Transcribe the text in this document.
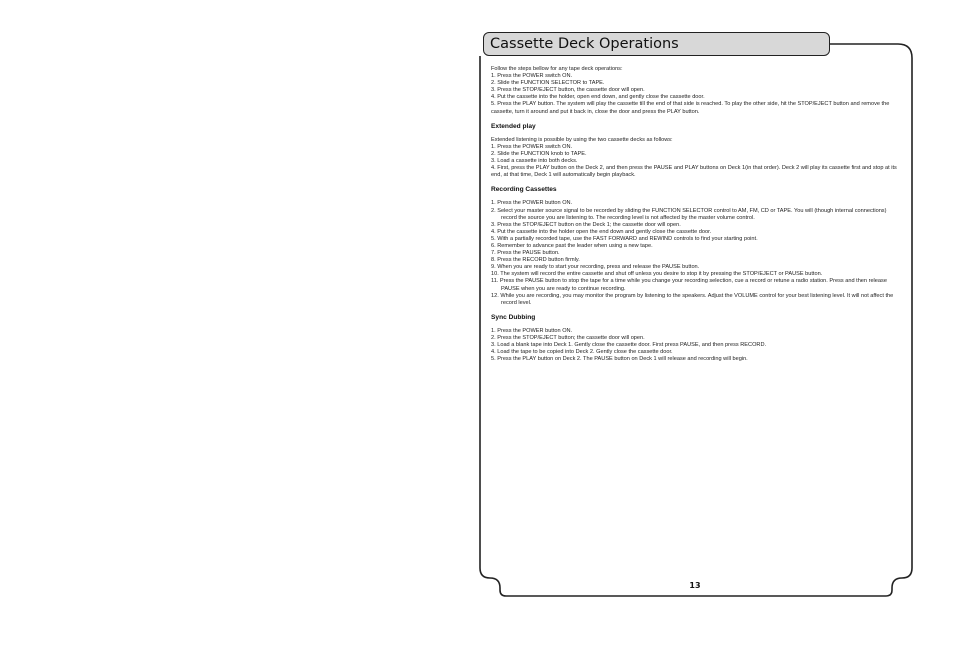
Cassette Deck Operations

Follow the steps bellow for any tape deck operations:

1. Press the POWER switch ON.
2. Slide the FUNCTION SELECTOR to TAPE.
3. Press the STOP/EJECT button, the cassette door will open.
4. Put the cassette into the holder, open end down, and gently close the cassette door.
5. Press the PLAY button. The system will play the cassette till the end of that side is reached. To play the other side, hit the STOP/EJECT button and remove the cassette, turn it around and put it back in, close the door and press the PLAY button.

Extended play

Extended listening is possible by using the two cassette decks as follows:

1. Press the POWER switch ON.
2. Slide the FUNCTION knob to TAPE.
3. Load a cassette into both decks.
4. First, press the PLAY button on the Deck 2, and then press the PAUSE and PLAY buttons on Deck 1(in that order). Deck 2 will play its cassette first and stop at its end, at that time, Deck 1 will automatically begin playback.

Recording Cassettes

1. Press the POWER button ON.
2. Select your master source signal to be recorded by sliding the FUNCTION SELECTOR control to AM, FM, CD or TAPE. You will (though internal connections) record the source you are listening to. The recording level is not affected by the master volume control.
3. Press the STOP/EJECT button on the Deck 1; the cassette door will open.
4. Put the cassette into the holder open the end down and gently close the cassette door.
5. With a partially recorded tape, use the FAST FORWARD and REWIND controls to find your starting point.
6. Remember to advance past the leader when using a new tape.
7. Press the PAUSE button.
8. Press the RECORD button firmly.
9. When you are ready to start your recording, press and release the PAUSE button.
10. The system will record the entire cassette and shut off unless you desire to stop it by pressing the STOP/EJECT or PAUSE button.
11. Press the PAUSE button to stop the tape for a time while you change your recording selection, cue a record or retune a radio station. Press and then release PAUSE when you are ready to continue recording.
12. While you are recording, you may monitor the program by listening to the speakers. Adjust the VOLUME control for your best listening level. It will not affect the record level.

Sync Dubbing

1. Press the POWER button ON.
2. Press the STOP/EJECT button; the cassette door will open.
3. Load a blank tape into Deck 1. Gently close the cassette door. First press PAUSE, and then press RECORD.
4. Load the tape to be copied into Deck 2. Gently close the cassette door.
5. Press the PLAY button on Deck 2. The PAUSE button on Deck 1 will release and recording will begin.
13
